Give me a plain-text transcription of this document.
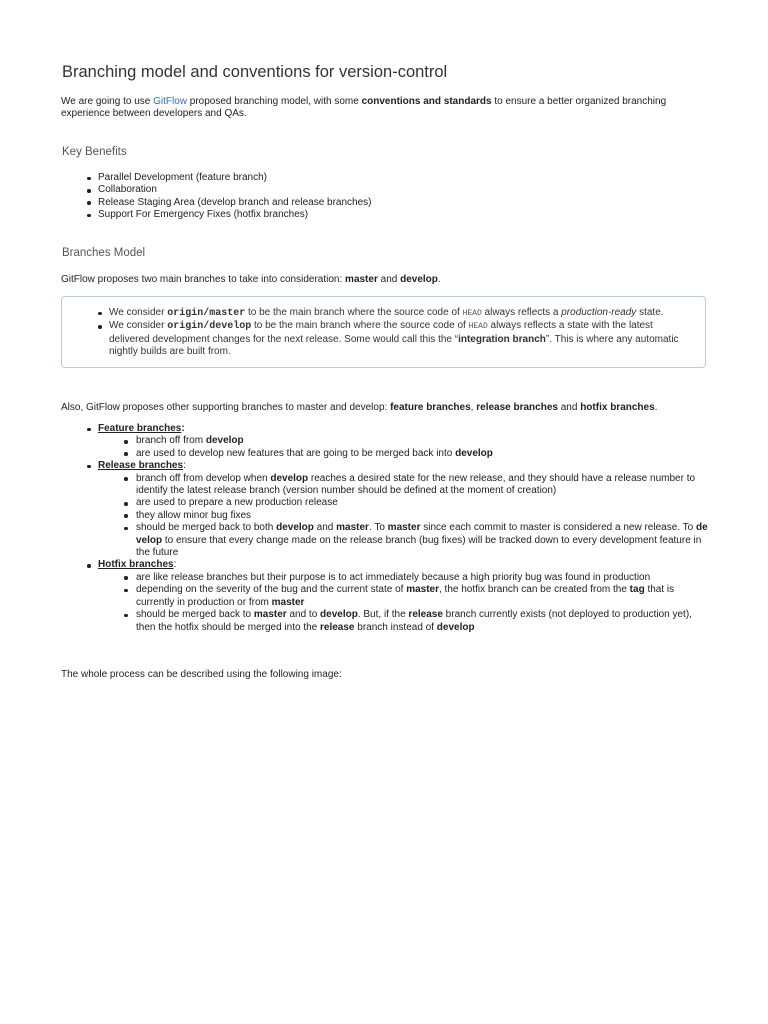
Branching model and conventions for version-control

We are going to use GitFlow proposed branching model, with some conventions and standards to ensure a better organized branching experience between developers and QAs.

Key Benefits
Parallel Development (feature branch)
Collaboration
Release Staging Area (develop branch and release branches)
Support For Emergency Fixes (hotfix branches)
Branches Model

GitFlow proposes two main branches to take into consideration: master and develop.

We consider origin/master to be the main branch where the source code of HEAD always reflects a production-ready state.
We consider origin/develop to be the main branch where the source code of HEAD always reflects a state with the latest delivered development changes for the next release. Some would call this the “integration branch”. This is where any automatic nightly builds are built from.

Also, GitFlow proposes other supporting branches to master and develop: feature branches, release branches and hotfix branches.

Feature branches:
branch off from develop
are used to develop new features that are going to be merged back into develop
Release branches:
branch off from develop when develop reaches a desired state for the new release, and they should have a release number to identify the latest release branch (version number should be defined at the moment of creation)
are used to prepare a new production release
they allow minor bug fixes
should be merged back to both develop and master. To master since each commit to master is considered a new release. To develop to ensure that every change made on the release branch (bug fixes) will be tracked down to every development feature in the future
Hotfix branches:
are like release branches but their purpose is to act immediately because a high priority bug was found in production
depending on the severity of the bug and the current state of master, the hotfix branch can be created from the tag that is currently in production or from master
should be merged back to master and to develop. But, if the release branch currently exists (not deployed to production yet), then the hotfix should be merged into the release branch instead of develop

The whole process can be described using the following image:
